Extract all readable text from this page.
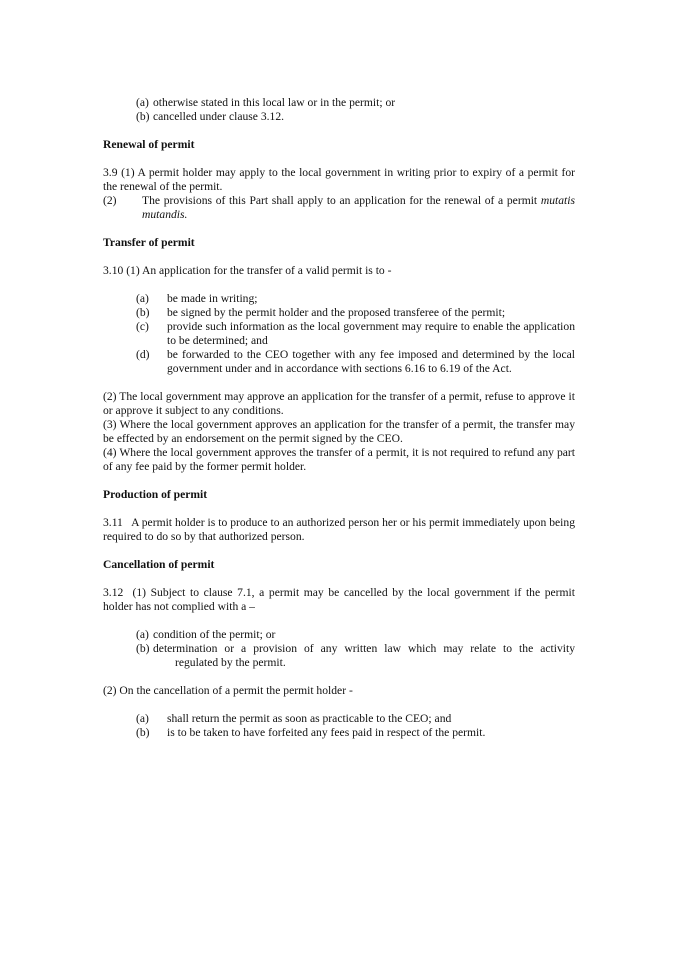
(a) otherwise stated in this local law or in the permit; or
(b) cancelled under clause 3.12.
Renewal of permit

3.9 (1) A permit holder may apply to the local government in writing prior to expiry of a permit for the renewal of the permit.

(2)	The provisions of this Part shall apply to an application for the renewal of a permit mutatis mutandis.
Transfer of permit

3.10 (1) An application for the transfer of a valid permit is to -

(a)	be made in writing;
(b)	be signed by the permit holder and the proposed transferee of the permit;
(c)	provide such information as the local government may require to enable the application to be determined; and
(d)	be forwarded to the CEO together with any fee imposed and determined by the local government under and in accordance with sections 6.16 to 6.19 of the Act.

(2) The local government may approve an application for the transfer of a permit, refuse to approve it or approve it subject to any conditions.

(3) Where the local government approves an application for the transfer of a permit, the transfer may be effected by an endorsement on the permit signed by the CEO.

(4) Where the local government approves the transfer of a permit, it is not required to refund any part of any fee paid by the former permit holder.

Production of permit

3.11   A permit holder is to produce to an authorized person her or his permit immediately upon being required to do so by that authorized person.

Cancellation of permit

3.12  (1) Subject to clause 7.1, a permit may be cancelled by the local government if the permit holder has not complied with a –

(a) condition of the permit; or
(b) determination or a provision of any written law which may relate to the activity
regulated by the permit.

(2) On the cancellation of a permit the permit holder -

(a)	shall return the permit as soon as practicable to the CEO; and
(b)	is to be taken to have forfeited any fees paid in respect of the permit.
